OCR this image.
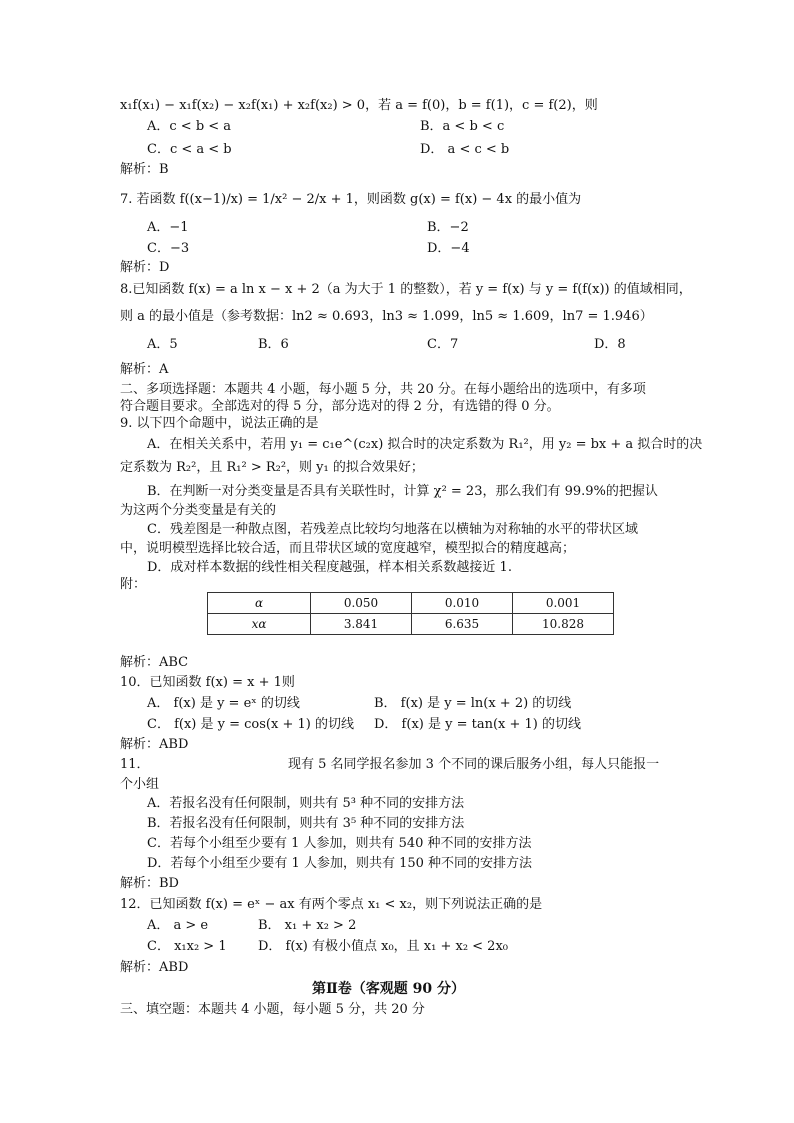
x₁f(x₁) − x₁f(x₂) − x₂f(x₁) + x₂f(x₂) > 0，若 a = f(0)，b = f(1)，c = f(2)，则
A．c < b < a	B．a < b < c
C．c < a < b	D． a < c < b
解析：B
7. 若函数 f((x−1)/x) = 1/x² − 2/x + 1，则函数 g(x) = f(x) − 4x 的最小值为
A．−1	B．−2
C．−3	D．−4
解析：D
8.已知函数 f(x) = a ln x − x + 2（a 为大于 1 的整数），若 y = f(x) 与 y = f(f(x)) 的值域相同，
则 a 的最小值是（参考数据：ln2 ≈ 0.693，ln3 ≈ 1.099，ln5 ≈ 1.609，ln7 = 1.946）
A．5	B．6	C．7	D．8
解析：A
二、多项选择题：本题共 4 小题，每小题 5 分，共 20 分。在每小题给出的选项中，有多项
符合题目要求。全部选对的得 5 分，部分选对的得 2 分，有选错的得 0 分。
9. 以下四个命题中，说法正确的是
A．在相关关系中，若用 y₁ = c₁e^(c₂x) 拟合时的决定系数为 R₁²，用 y₂ = bx + a 拟合时的决
定系数为 R₂²，且 R₁² > R₂²，则 y₁ 的拟合效果好；
B．在判断一对分类变量是否具有关联性时，计算 χ² = 23，那么我们有 99.9%的把握认
为这两个分类变量是有关的
C．残差图是一种散点图，若残差点比较均匀地落在以横轴为对称轴的水平的带状区域
中，说明模型选择比较合适，而且带状区域的宽度越窄，模型拟合的精度越高；
D．成对样本数据的线性相关程度越强，样本相关系数越接近 1.
附：
α	0.050	0.010	0.001
xα	3.841	6.635	10.828
解析：ABC
10．已知函数 f(x) = x + 1则
A． f(x) 是 y = eˣ 的切线	B． f(x) 是 y = ln(x + 2) 的切线
C． f(x) 是 y = cos(x + 1) 的切线 D． f(x) 是 y = tan(x + 1) 的切线
解析：ABD
11．	现有 5 名同学报名参加 3 个不同的课后服务小组，每人只能报一
个小组
A．若报名没有任何限制，则共有 5³ 种不同的安排方法
B．若报名没有任何限制，则共有 3⁵ 种不同的安排方法
C．若每个小组至少要有 1 人参加，则共有 540 种不同的安排方法
D．若每个小组至少要有 1 人参加，则共有 150 种不同的安排方法
解析：BD
12．已知函数 f(x) = eˣ − ax 有两个零点 x₁ < x₂，则下列说法正确的是
A． a > e	B． x₁ + x₂ > 2
C． x₁x₂ > 1 D． f(x) 有极小值点 x₀，且 x₁ + x₂ < 2x₀
解析：ABD
第Ⅱ卷（客观题 90 分）
三、填空题：本题共 4 小题，每小题 5 分，共 20 分
